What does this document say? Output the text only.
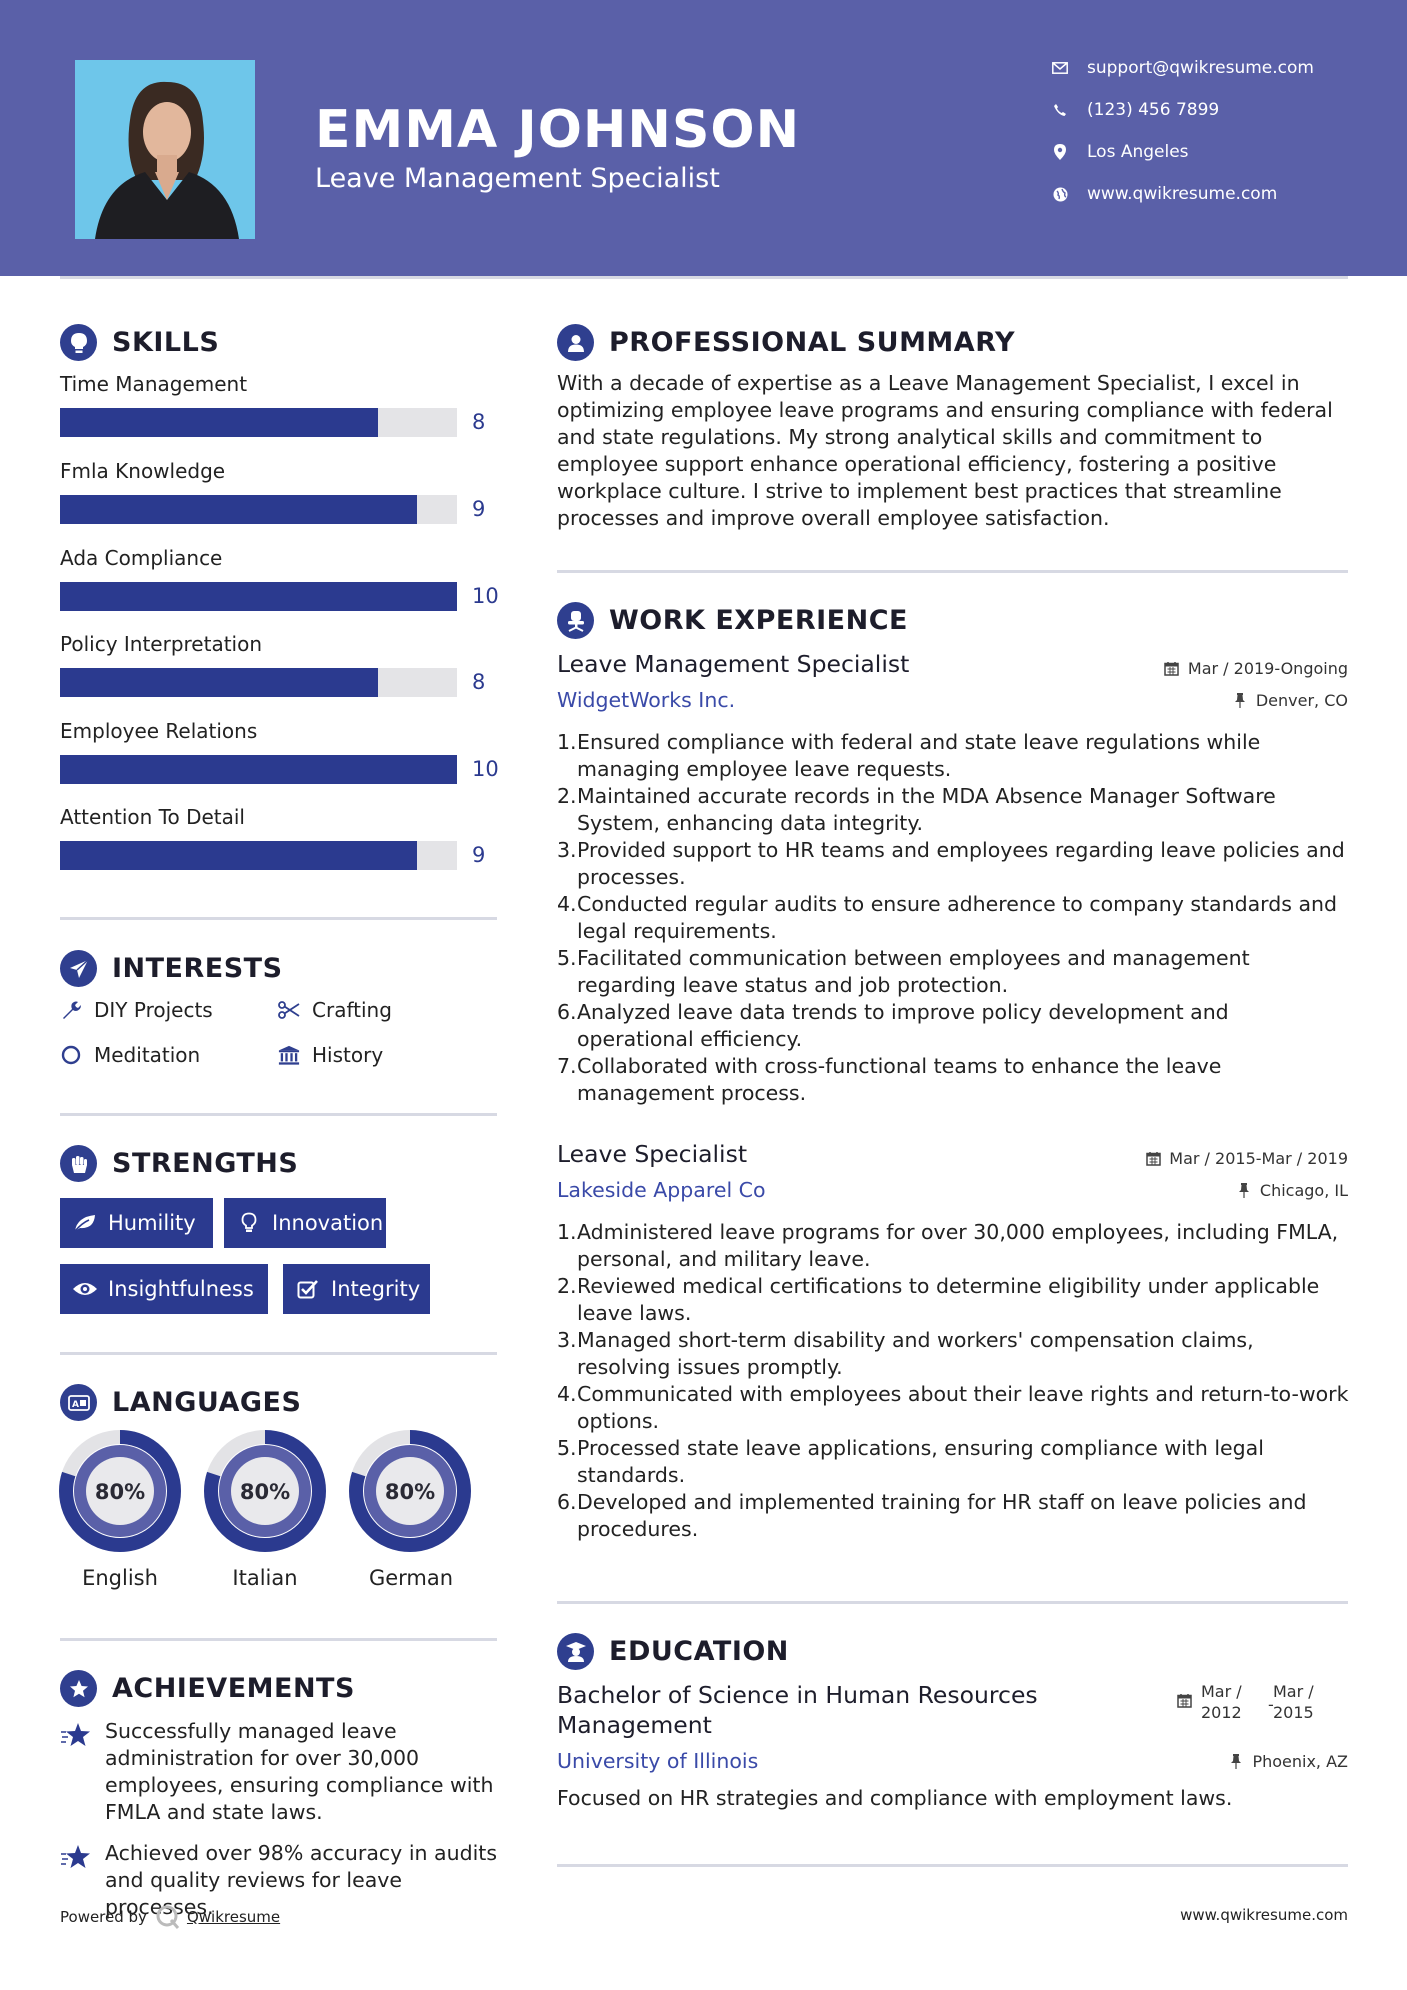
EMMA JOHNSON
Leave Management Specialist
support@qwikresume.com
(123) 456 7899
Los Angeles
www.qwikresume.com
SKILLS
Time Management
8
Fmla Knowledge
9
Ada Compliance
10
Policy Interpretation
8
Employee Relations
10
Attention To Detail
9
INTERESTS
DIY Projects	Crafting
Meditation	History
STRENGTHS
Humility	Innovation
Insightfulness	Integrity
A LANGUAGES
80%	80%	80%
English	Italian	German
ACHIEVEMENTS
Successfully managed leave administration for over 30,000 employees, ensuring compliance with FMLA and state laws.
Achieved over 98% accuracy in audits and quality reviews for leave processes.
PROFESSIONAL SUMMARY
With a decade of expertise as a Leave Management Specialist, I excel in optimizing employee leave programs and ensuring compliance with federal and state regulations. My strong analytical skills and commitment to employee support enhance operational efficiency, fostering a positive workplace culture. I strive to implement best practices that streamline processes and improve overall employee satisfaction.
WORK EXPERIENCE
Leave Management Specialist	Mar / 2019-Ongoing
WidgetWorks Inc.	Denver, CO
1. Ensured compliance with federal and state leave regulations while managing employee leave requests.
2. Maintained accurate records in the MDA Absence Manager Software System, enhancing data integrity.
3. Provided support to HR teams and employees regarding leave policies and processes.
4. Conducted regular audits to ensure adherence to company standards and legal requirements.
5. Facilitated communication between employees and management regarding leave status and job protection.
6. Analyzed leave data trends to improve policy development and operational efficiency.
7. Collaborated with cross-functional teams to enhance the leave management process.
Leave Specialist	Mar / 2015-Mar / 2019
Lakeside Apparel Co	Chicago, IL
1. Administered leave programs for over 30,000 employees, including FMLA, personal, and military leave.
2. Reviewed medical certifications to determine eligibility under applicable leave laws.
3. Managed short-term disability and workers' compensation claims, resolving issues promptly.
4. Communicated with employees about their leave rights and return-to-work options.
5. Processed state leave applications, ensuring compliance with legal standards.
6. Developed and implemented training for HR staff on leave policies and procedures.
EDUCATION
Bachelor of Science in Human Resources Management
Mar / 2012
Mar / 2015
-
University of Illinois	Phoenix, AZ
Focused on HR strategies and compliance with employment laws.
Powered by	Qwikresume	www.qwikresume.com
